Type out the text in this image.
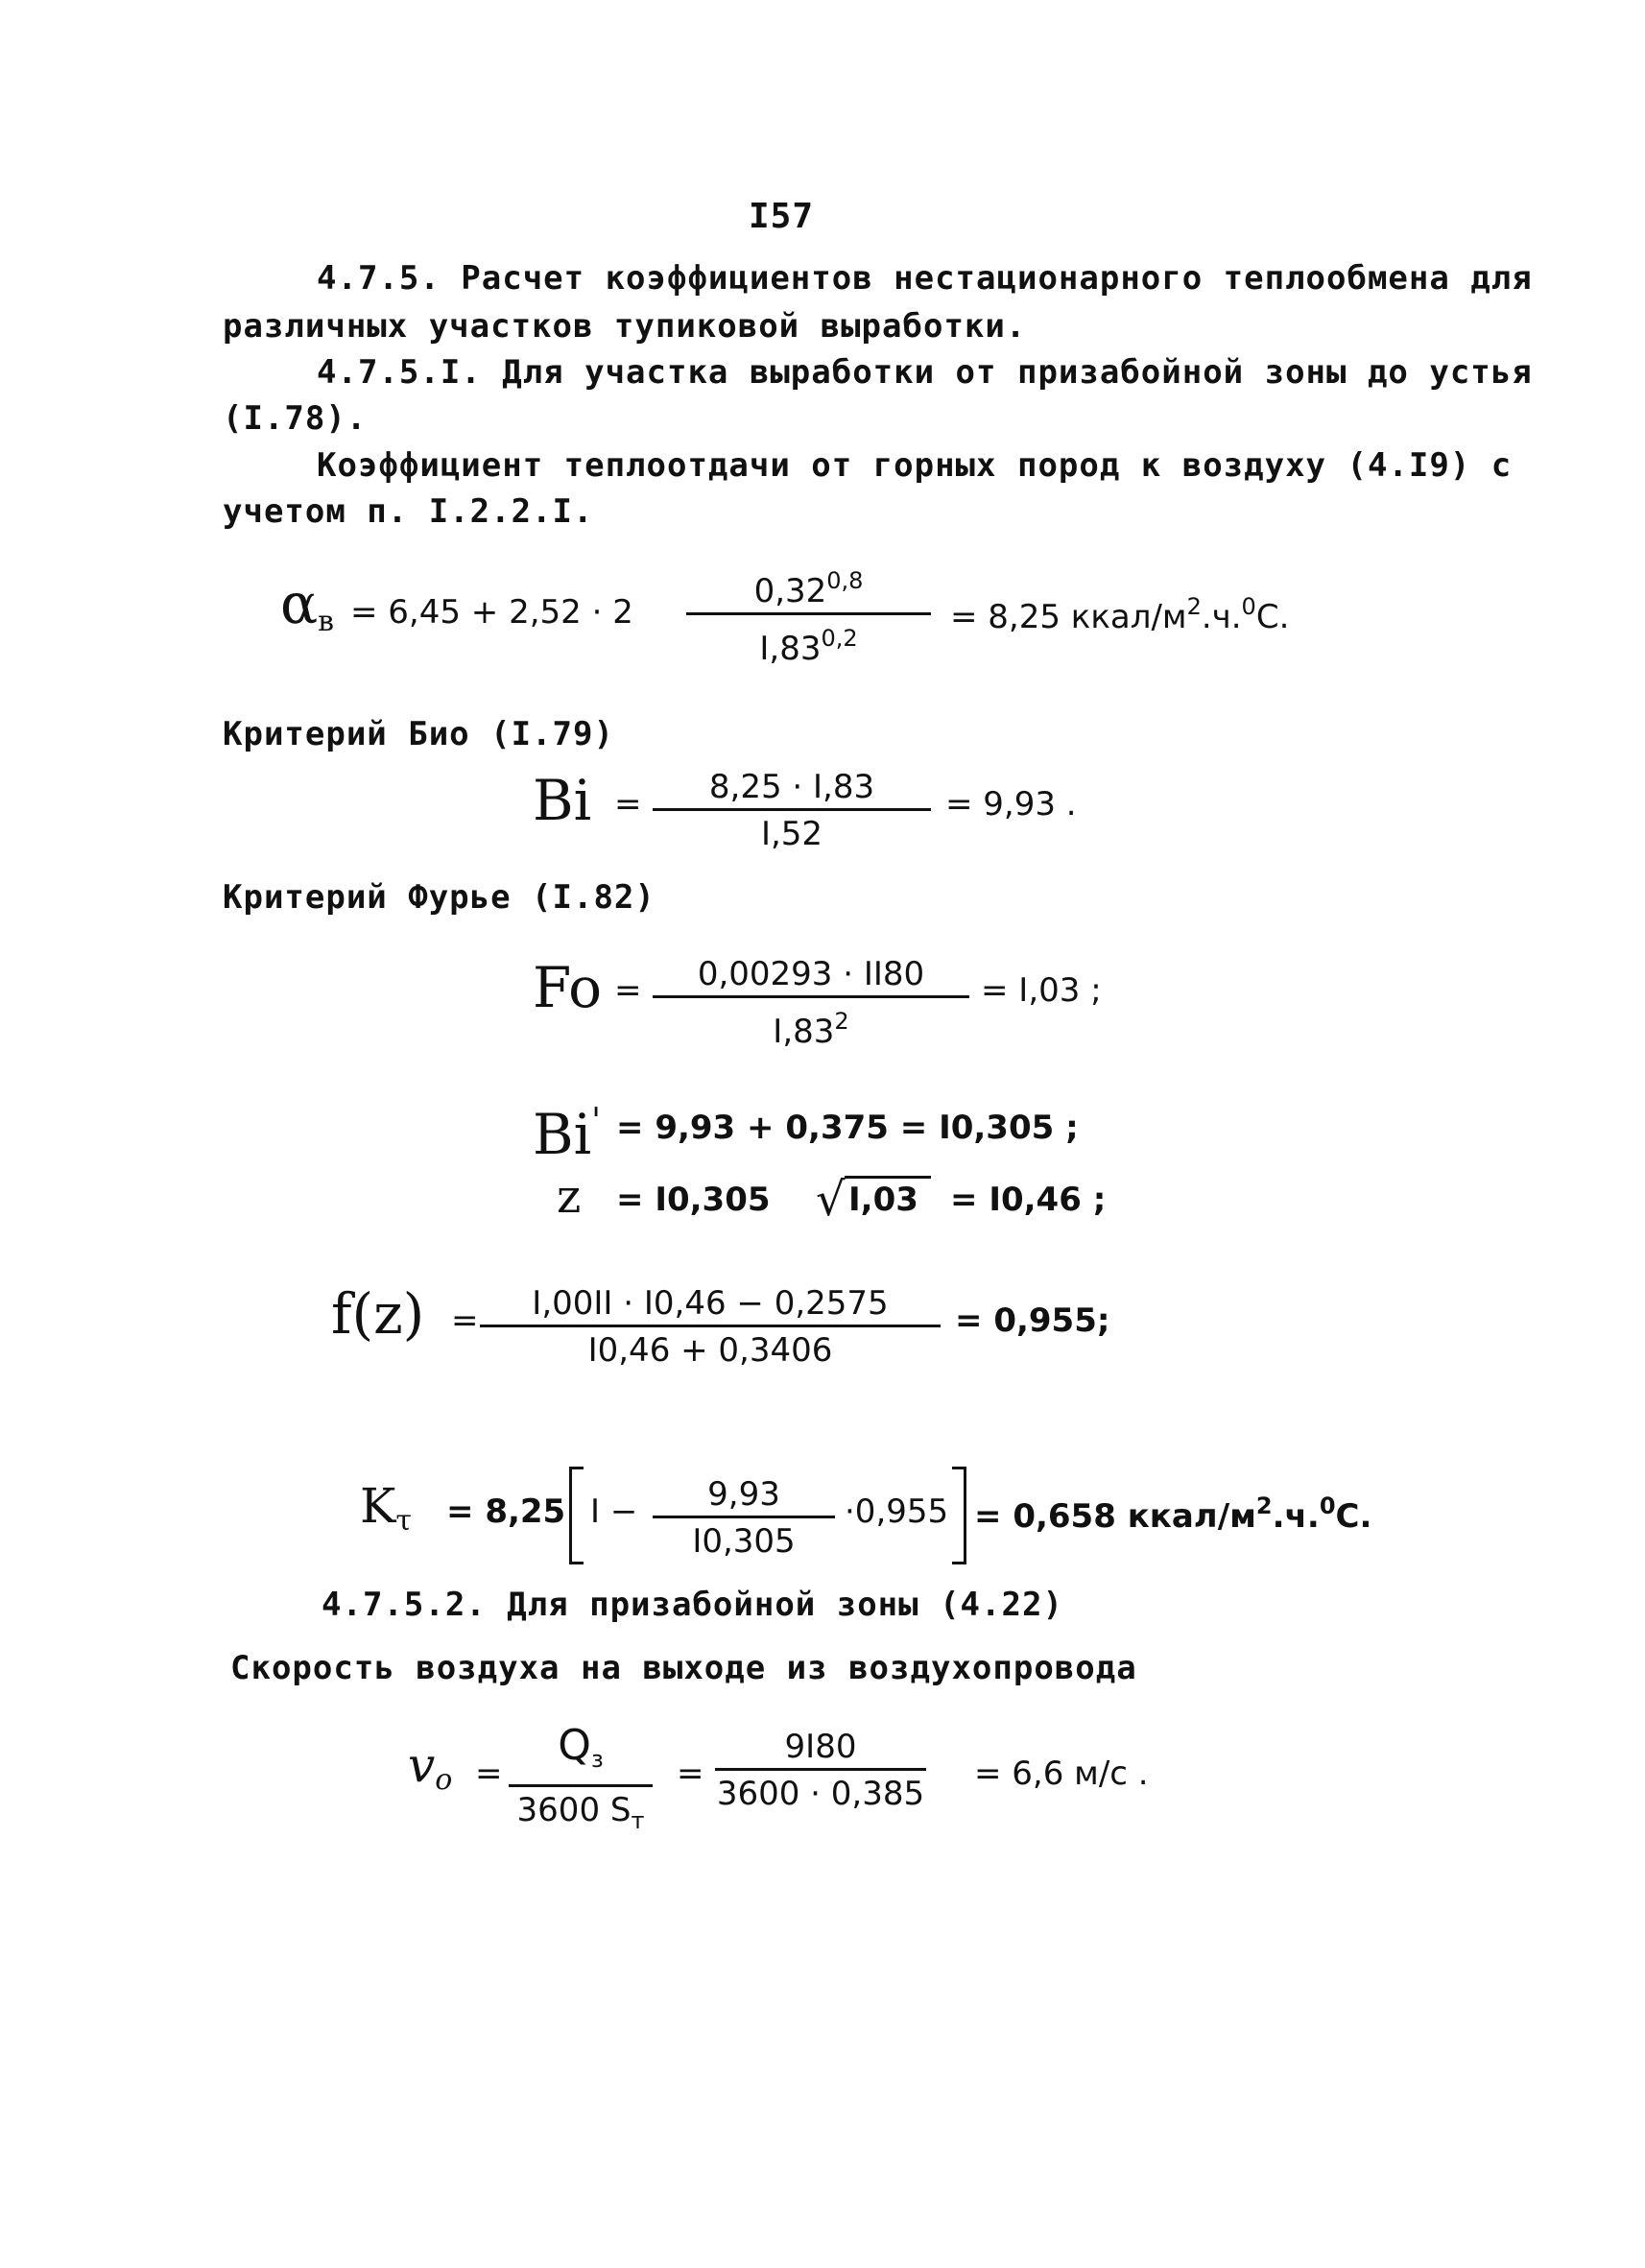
I57
4.7.5. Расчет коэффициентов нестационарного теплообмена для
различных участков тупиковой выработки.
4.7.5.I. Для участка выработки от призабойной зоны до устья
(I.78).
Коэффициент теплоотдачи от горных пород к воздуху (4.I9) с
учетом п. I.2.2.I.
$\alpha_в = 6,45 + 2,52 \cdot 2$
0,32$^{0,8}$
$I,83^{0,2}$
= 8,25 ккал/$м^2.ч.^0С$.
Критерий Био (I.79)
Bi =	8,25 · I,83
I,52
= 9,93 .
Критерий Фурье (I.82)
Fo =	0,00293 · II80
$I,83^2$
= I,03 ;
Bi' = 9,93 + 0,375 = I0,305 ;
z = I0,305 √ I,03 = I0,46 ;
f(z) =	I,00II · I0,46 − 0,2575
I0,46 + 0,3406
= 0,955;
$K_\tau = 8,25$ I −	9,93
I0,305
·0,955 = 0,658 ккал/$м^2.ч.^0С$.
4.7.5.2. Для призабойной зоны (4.22)
Скорость воздуха на выходе из воздухопровода
$v_o$ =
$Q_з$
3600 $S_т$
=
9I80
3600 · 0,385
= 6,6 м/с .
